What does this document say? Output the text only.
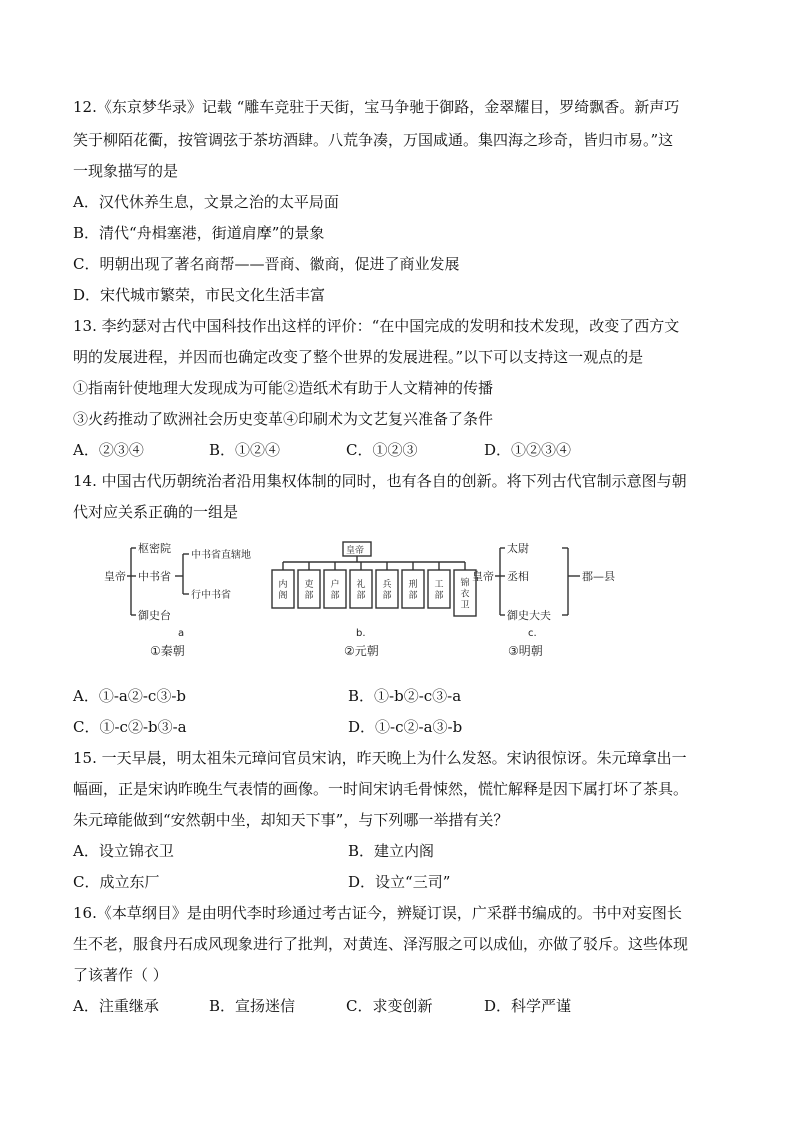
12.《东京梦华录》记载 “雕车竞驻于天街，宝马争驰于御路，金翠耀目，罗绮飘香。新声巧
笑于柳陌花衢，按管调弦于茶坊酒肆。八荒争凑，万国咸通。集四海之珍奇，皆归市易。”这
一现象描写的是
A．汉代休养生息，文景之治的太平局面
B．清代“舟楫塞港，街道肩摩”的景象
C．明朝出现了著名商帮——晋商、徽商，促进了商业发展
D．宋代城市繁荣，市民文化生活丰富
13. 李约瑟对古代中国科技作出这样的评价：“在中国完成的发明和技术发现，改变了西方文
明的发展进程，并因而也确定改变了整个世界的发展进程。”以下可以支持这一观点的是
①指南针使地理大发现成为可能②造纸术有助于人文精神的传播
③火药推动了欧洲社会历史变革④印刷术为文艺复兴准备了条件
A．②③④	B．①②④	C．①②③	D．①②③④
14. 中国古代历朝统治者沿用集权体制的同时，也有各自的创新。将下列古代官制示意图与朝
代对应关系正确的一组是
皇帝
枢密院
中书省
御史台
中书省直辖地
行中书省
a
①秦朝
皇帝
内阁
吏部
户部
礼部
兵部
刑部
工部
锦衣卫
b.
②元朝
皇帝
太尉
丞相
御史大夫
郡—县
c.
③明朝
A．①-a②-c③-b	B．①-b②-c③-a
C．①-c②-b③-a	D．①-c②-a③-b
15. 一天早晨，明太祖朱元璋问官员宋讷，昨天晚上为什么发怒。宋讷很惊讶。朱元璋拿出一
幅画，正是宋讷昨晚生气表情的画像。一时间宋讷毛骨悚然，慌忙解释是因下属打坏了茶具。
朱元璋能做到“安然朝中坐，却知天下事”，与下列哪一举措有关？
A．设立锦衣卫	B．建立内阁
C．成立东厂	D．设立“三司”
16.《本草纲目》是由明代李时珍通过考古证今，辨疑订误，广采群书编成的。书中对妄图长
生不老，服食丹石成风现象进行了批判，对黄连、泽泻服之可以成仙，亦做了驳斥。这些体现
了该著作（ ）
A．注重继承	B．宣扬迷信	C．求变创新	D．科学严谨
